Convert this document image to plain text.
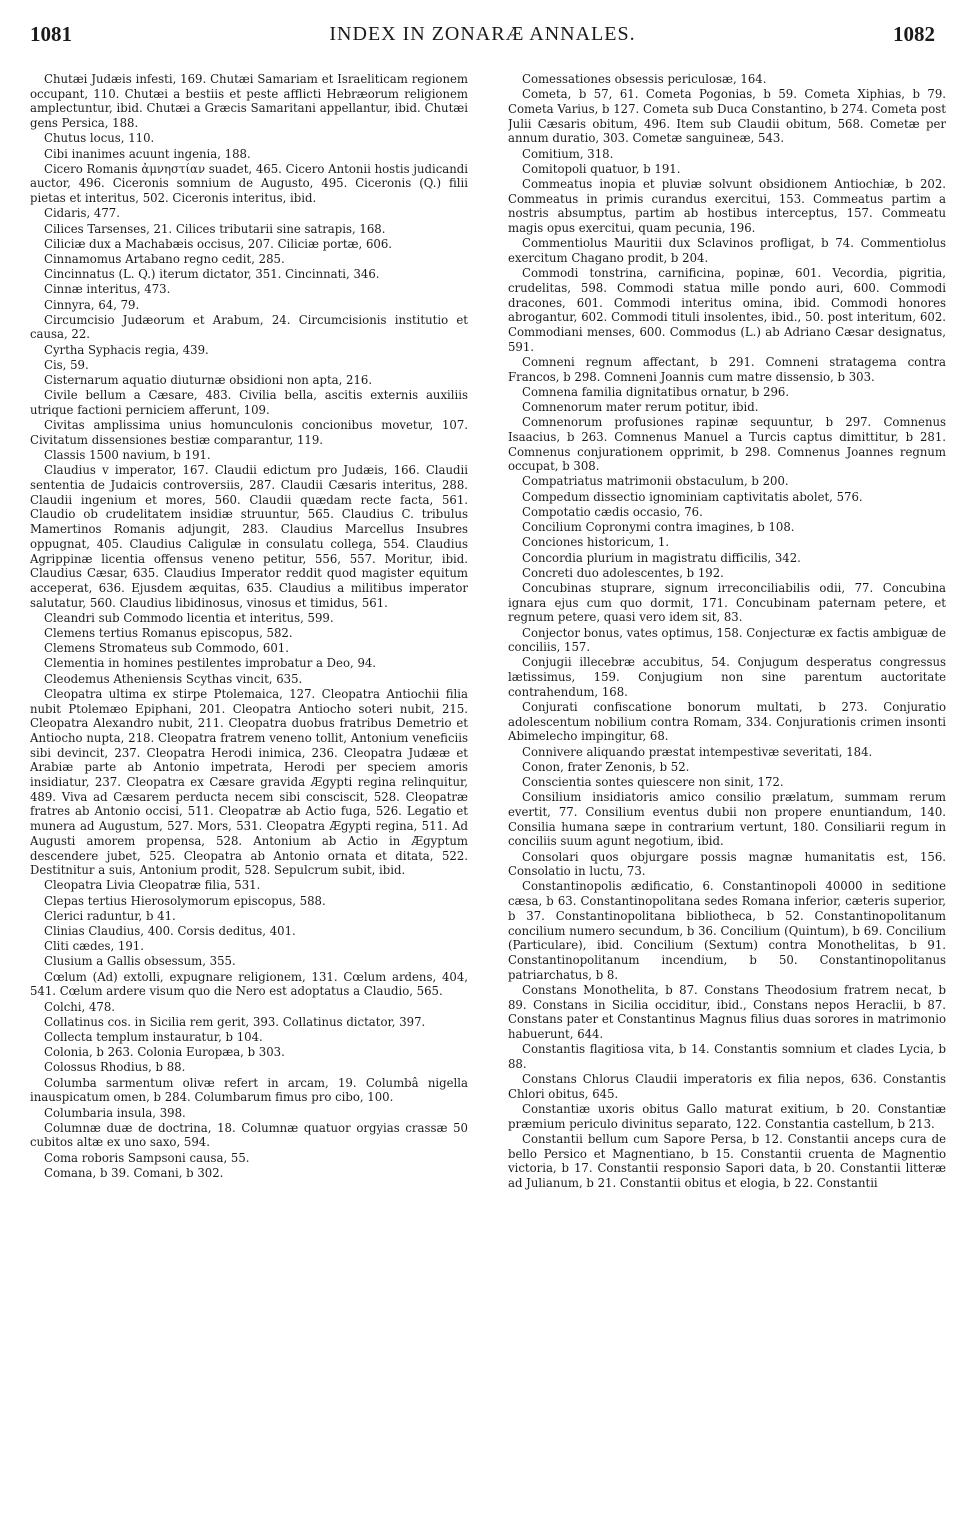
1081	INDEX IN ZONARÆ ANNALES.	1082

Chutæi Judæis infesti, 169. Chutæi Samariam et Israeliticam regionem occupant, 110. Chutæi a bestiis et peste afflicti Hebræorum religionem amplectuntur, ibid. Chutæi a Græcis Samaritani appellantur, ibid. Chutæi gens Persica, 188.

Chutus locus, 110.

Cibi inanimes acuunt ingenia, 188.

Cicero Romanis ἀμνηστίαν suadet, 465. Cicero Antonii hostis judicandi auctor, 496. Ciceronis somnium de Augusto, 495. Ciceronis (Q.) filii pietas et interitus, 502. Ciceronis interitus, ibid.

Cidaris, 477.

Cilices Tarsenses, 21. Cilices tributarii sine satrapis, 168.

Ciliciæ dux a Machabæis occisus, 207. Ciliciæ portæ, 606.

Cinnamomus Artabano regno cedit, 285.

Cincinnatus (L. Q.) iterum dictator, 351. Cincinnati, 346.

Cinnæ interitus, 473.

Cinnyra, 64, 79.

Circumcisio Judæorum et Arabum, 24. Circumcisionis institutio et causa, 22.

Cyrtha Syphacis regia, 439.

Cis, 59.

Cisternarum aquatio diuturnæ obsidioni non apta, 216.

Civile bellum a Cæsare, 483. Civilia bella, ascitis externis auxiliis utrique factioni perniciem afferunt, 109.

Civitas amplissima unius homunculonis concionibus movetur, 107. Civitatum dissensiones bestiæ comparantur, 119.

Classis 1500 navium, b 191.

Claudius v imperator, 167. Claudii edictum pro Judæis, 166. Claudii sententia de Judaicis controversiis, 287. Claudii Cæsaris interitus, 288. Claudii ingenium et mores, 560. Claudii quædam recte facta, 561. Claudio ob crudelitatem insidiæ struuntur, 565. Claudius C. tribulus Mamertinos Romanis adjungit, 283. Claudius Marcellus Insubres oppugnat, 405. Claudius Caligulæ in consulatu collega, 554. Claudius Agrippinæ licentia offensus veneno petitur, 556, 557. Moritur, ibid. Claudius Cæsar, 635. Claudius Imperator reddit quod magister equitum acceperat, 636. Ejusdem æquitas, 635. Claudius a militibus imperator salutatur, 560. Claudius libidinosus, vinosus et timidus, 561.

Cleandri sub Commodo licentia et interitus, 599.

Clemens tertius Romanus episcopus, 582.

Clemens Stromateus sub Commodo, 601.

Clementia in homines pestilentes improbatur a Deo, 94.

Cleodemus Atheniensis Scythas vincit, 635.

Cleopatra ultima ex stirpe Ptolemaica, 127. Cleopatra Antiochii filia nubit Ptolemæo Epiphani, 201. Cleopatra Antiocho soteri nubit, 215. Cleopatra Alexandro nubit, 211. Cleopatra duobus fratribus Demetrio et Antiocho nupta, 218. Cleopatra fratrem veneno tollit, Antonium veneficiis sibi devincit, 237. Cleopatra Herodi inimica, 236. Cleopatra Judææ et Arabiæ parte ab Antonio impetrata, Herodi per speciem amoris insidiatur, 237. Cleopatra ex Cæsare gravida Ægypti regina relinquitur, 489. Viva ad Cæsarem perducta necem sibi consciscit, 528. Cleopatræ fratres ab Antonio occisi, 511. Cleopatræ ab Actio fuga, 526. Legatio et munera ad Augustum, 527. Mors, 531. Cleopatra Ægypti regina, 511. Ad Augusti amorem propensa, 528. Antonium ab Actio in Ægyptum descendere jubet, 525. Cleopatra ab Antonio ornata et ditata, 522. Destitnitur a suis, Antonium prodit, 528. Sepulcrum subit, ibid.

Cleopatra Livia Cleopatræ filia, 531.

Clepas tertius Hierosolymorum episcopus, 588.

Clerici raduntur, b 41.

Clinias Claudius, 400. Corsis deditus, 401.

Cliti cædes, 191.

Clusium a Gallis obsessum, 355.

Cœlum (Ad) extolli, expugnare religionem, 131. Cœlum ardens, 404, 541. Cœlum ardere visum quo die Nero est adoptatus a Claudio, 565.

Colchi, 478.

Collatinus cos. in Sicilia rem gerit, 393. Collatinus dictator, 397.

Collecta templum instauratur, b 104.

Colonia, b 263. Colonia Europæa, b 303.

Colossus Rhodius, b 88.

Columba sarmentum olivæ refert in arcam, 19. Columbâ nigella inauspicatum omen, b 284. Columbarum fimus pro cibo, 100.

Columbaria insula, 398.

Columnæ duæ de doctrina, 18. Columnæ quatuor orgyias crassæ 50 cubitos altæ ex uno saxo, 594.

Coma roboris Sampsoni causa, 55.

Comana, b 39. Comani, b 302.

Comessationes obsessis periculosæ, 164.

Cometa, b 57, 61. Cometa Pogonias, b 59. Cometa Xiphias, b 79. Cometa Varius, b 127. Cometa sub Duca Constantino, b 274. Cometa post Julii Cæsaris obitum, 496. Item sub Claudii obitum, 568. Cometæ per annum duratio, 303. Cometæ sanguineæ, 543.

Comitium, 318.

Comitopoli quatuor, b 191.

Commeatus inopia et pluviæ solvunt obsidionem Antiochiæ, b 202. Commeatus in primis curandus exercitui, 153. Commeatus partim a nostris absumptus, partim ab hostibus interceptus, 157. Commeatu magis opus exercitui, quam pecunia, 196.

Commentiolus Mauritii dux Sclavinos profligat, b 74. Commentiolus exercitum Chagano prodit, b 204.

Commodi tonstrina, carnificina, popinæ, 601. Vecordia, pigritia, crudelitas, 598. Commodi statua mille pondo auri, 600. Commodi dracones, 601. Commodi interitus omina, ibid. Commodi honores abrogantur, 602. Commodi tituli insolentes, ibid., 50. post interitum, 602. Commodiani menses, 600. Commodus (L.) ab Adriano Cæsar designatus, 591.

Comneni regnum affectant, b 291. Comneni stratagema contra Francos, b 298. Comneni Joannis cum matre dissensio, b 303.

Comnena familia dignitatibus ornatur, b 296.

Comnenorum mater rerum potitur, ibid.

Comnenorum profusiones rapinæ sequuntur, b 297. Comnenus Isaacius, b 263. Comnenus Manuel a Turcis captus dimittitur, b 281. Comnenus conjurationem opprimit, b 298. Comnenus Joannes regnum occupat, b 308.

Compatriatus matrimonii obstaculum, b 200.

Compedum dissectio ignominiam captivitatis abolet, 576.

Compotatio cædis occasio, 76.

Concilium Copronymi contra imagines, b 108.

Conciones historicum, 1.

Concordia plurium in magistratu difficilis, 342.

Concreti duo adolescentes, b 192.

Concubinas stuprare, signum irreconciliabilis odii, 77. Concubina ignara ejus cum quo dormit, 171. Concubinam paternam petere, et regnum petere, quasi vero idem sit, 83.

Conjector bonus, vates optimus, 158. Conjecturæ ex factis ambiguæ de conciliis, 157.

Conjugii illecebræ accubitus, 54. Conjugum desperatus congressus lætissimus, 159. Conjugium non sine parentum auctoritate contrahendum, 168.

Conjurati confiscatione bonorum multati, b 273. Conjuratio adolescentum nobilium contra Romam, 334. Conjurationis crimen insonti Abimelecho impingitur, 68.

Connivere aliquando præstat intempestivæ severitati, 184.

Conon, frater Zenonis, b 52.

Conscientia sontes quiescere non sinit, 172.

Consilium insidiatoris amico consilio prælatum, summam rerum evertit, 77. Consilium eventus dubii non propere enuntiandum, 140. Consilia humana sæpe in contrarium vertunt, 180. Consiliarii regum in conciliis suum agunt negotium, ibid.

Consolari quos objurgare possis magnæ humanitatis est, 156. Consolatio in luctu, 73.

Constantinopolis ædificatio, 6. Constantinopoli 40000 in seditione cæsa, b 63. Constantinopolitana sedes Romana inferior, cæteris superior, b 37. Constantinopolitana bibliotheca, b 52. Constantinopolitanum concilium numero secundum, b 36. Concilium (Quintum), b 69. Concilium (Particulare), ibid. Concilium (Sextum) contra Monothelitas, b 91. Constantinopolitanum incendium, b 50. Constantinopolitanus patriarchatus, b 8.

Constans Monothelita, b 87. Constans Theodosium fratrem necat, b 89. Constans in Sicilia occiditur, ibid., Constans nepos Heraclii, b 87. Constans pater et Constantinus Magnus filius duas sorores in matrimonio habuerunt, 644.

Constantis flagitiosa vita, b 14. Constantis somnium et clades Lycia, b 88.

Constans Chlorus Claudii imperatoris ex filia nepos, 636. Constantis Chlori obitus, 645.

Constantiæ uxoris obitus Gallo maturat exitium, b 20. Constantiæ præmium periculo divinitus separato, 122. Constantia castellum, b 213.

Constantii bellum cum Sapore Persa, b 12. Constantii anceps cura de bello Persico et Magnentiano, b 15. Constantii cruenta de Magnentio victoria, b 17. Constantii responsio Sapori data, b 20. Constantii litteræ ad Julianum, b 21. Constantii obitus et elogia, b 22. Constantii
